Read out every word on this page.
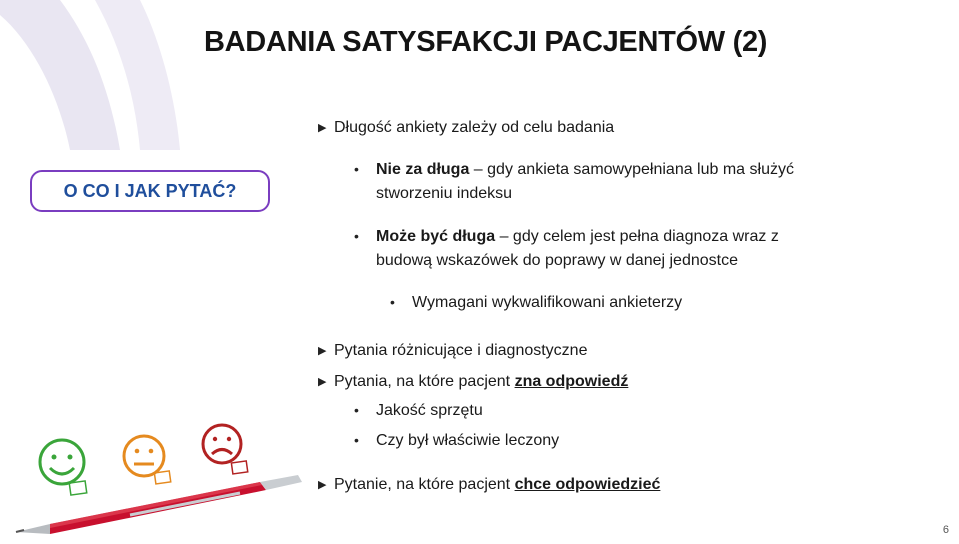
BADANIA SATYSFAKCJI PACJENTÓW (2)
O CO I JAK PYTAĆ?
▶ Długość ankiety zależy od celu badania
• Nie za długa – gdy ankieta samowypełniana lub ma służyć
stworzeniu indeksu
• Może być długa – gdy celem jest pełna diagnoza wraz z
budową wskazówek do poprawy w danej jednostce
• Wymagani wykwalifikowani ankieterzy
▶ Pytania różnicujące i diagnostyczne
▶ Pytania, na które pacjent zna odpowiedź
• Jakość sprzętu
• Czy był właściwie leczony
▶ Pytanie, na które pacjent chce odpowiedzieć
6
